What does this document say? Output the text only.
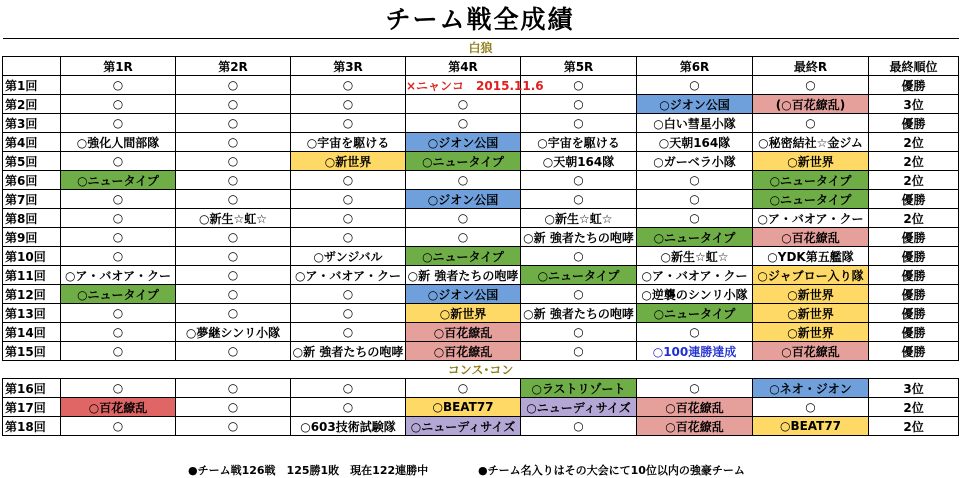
チーム戦全成績
白狼								
	第1R	第2R	第3R	第4R	第5R	第6R	最終R	最終順位
第1回	○	○	○	×ニャンコ　2015.11.6	○	○	○	優勝
第2回	○	○	○	○	○	○ジオン公国	(○百花繚乱)	3位
第3回	○	○	○	○	○	○白い彗星小隊	○	優勝
第4回	○強化人間部隊	○	○宇宙を駆ける	○ジオン公国	○宇宙を駆ける	○天朝164隊	○秘密結社☆金ジム	2位
第5回	○	○	○新世界	○ニュータイプ	○天朝164隊	○ガーベラ小隊	○新世界	2位
第6回	○ニュータイプ	○	○	○	○	○	○ニュータイプ	2位
第7回	○	○	○	○ジオン公国	○	○	○ニュータイプ	優勝
第8回	○	○新生☆虹☆	○	○	○新生☆虹☆	○	○ア・バオア・クー	2位
第9回	○	○	○	○	○新 強者たちの咆哮	○ニュータイプ	○百花繚乱	優勝
第10回	○	○	○ザンジバル	○ニュータイプ	○	○新生☆虹☆	○YDK第五艦隊	優勝
第11回	○ア・バオア・クー	○	○ア・バオア・クー	○新 強者たちの咆哮	○ニュータイプ	○ア・バオア・クー	○ジャブロー入り隊	優勝
第12回	○ニュータイプ	○	○	○ジオン公国	○	○逆襲のシンリ小隊	○新世界	優勝
第13回	○	○	○	○新世界	○新 強者たちの咆哮	○ニュータイプ	○新世界	優勝
第14回	○	○夢継シンリ小隊	○	○百花繚乱	○	○	○新世界	優勝
第15回	○	○	○新 強者たちの咆哮	○百花繚乱	○	○100連勝達成	○百花繚乱	優勝
コンス･コン								
第16回	○	○	○	○	○ラストリゾート	○	○ネオ・ジオン	3位
第17回	○百花繚乱	○	○	○BEAT77	○ニューディサイズ	○百花繚乱	○	2位
第18回	○	○	○603技術試験隊	○ニューディサイズ	○	○百花繚乱	○BEAT77	2位
●チーム戦126戦　125勝1敗　現在122連勝中	●チーム名入りはその大会にて10位以内の強豪チーム
